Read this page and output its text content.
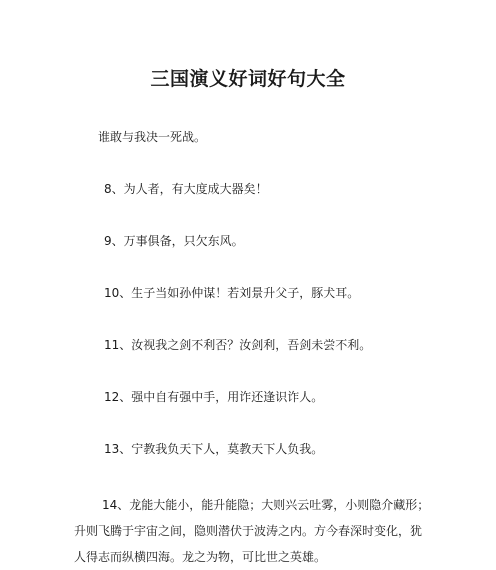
三国演义好词好句大全

谁敢与我决一死战。

8、为人者，有大度成大器矣！

9、万事俱备，只欠东风。

10、生子当如孙仲谋！若刘景升父子，豚犬耳。

11、汝视我之剑不利否？汝剑利，吾剑未尝不利。

12、强中自有强中手，用诈还逢识诈人。

13、宁教我负天下人，莫教天下人负我。

14、龙能大能小，能升能隐；大则兴云吐雾，小则隐介藏形；
升则飞腾于宇宙之间，隐则潜伏于波涛之内。方今春深时变化，犹
人得志而纵横四海。龙之为物，可比世之英雄。
